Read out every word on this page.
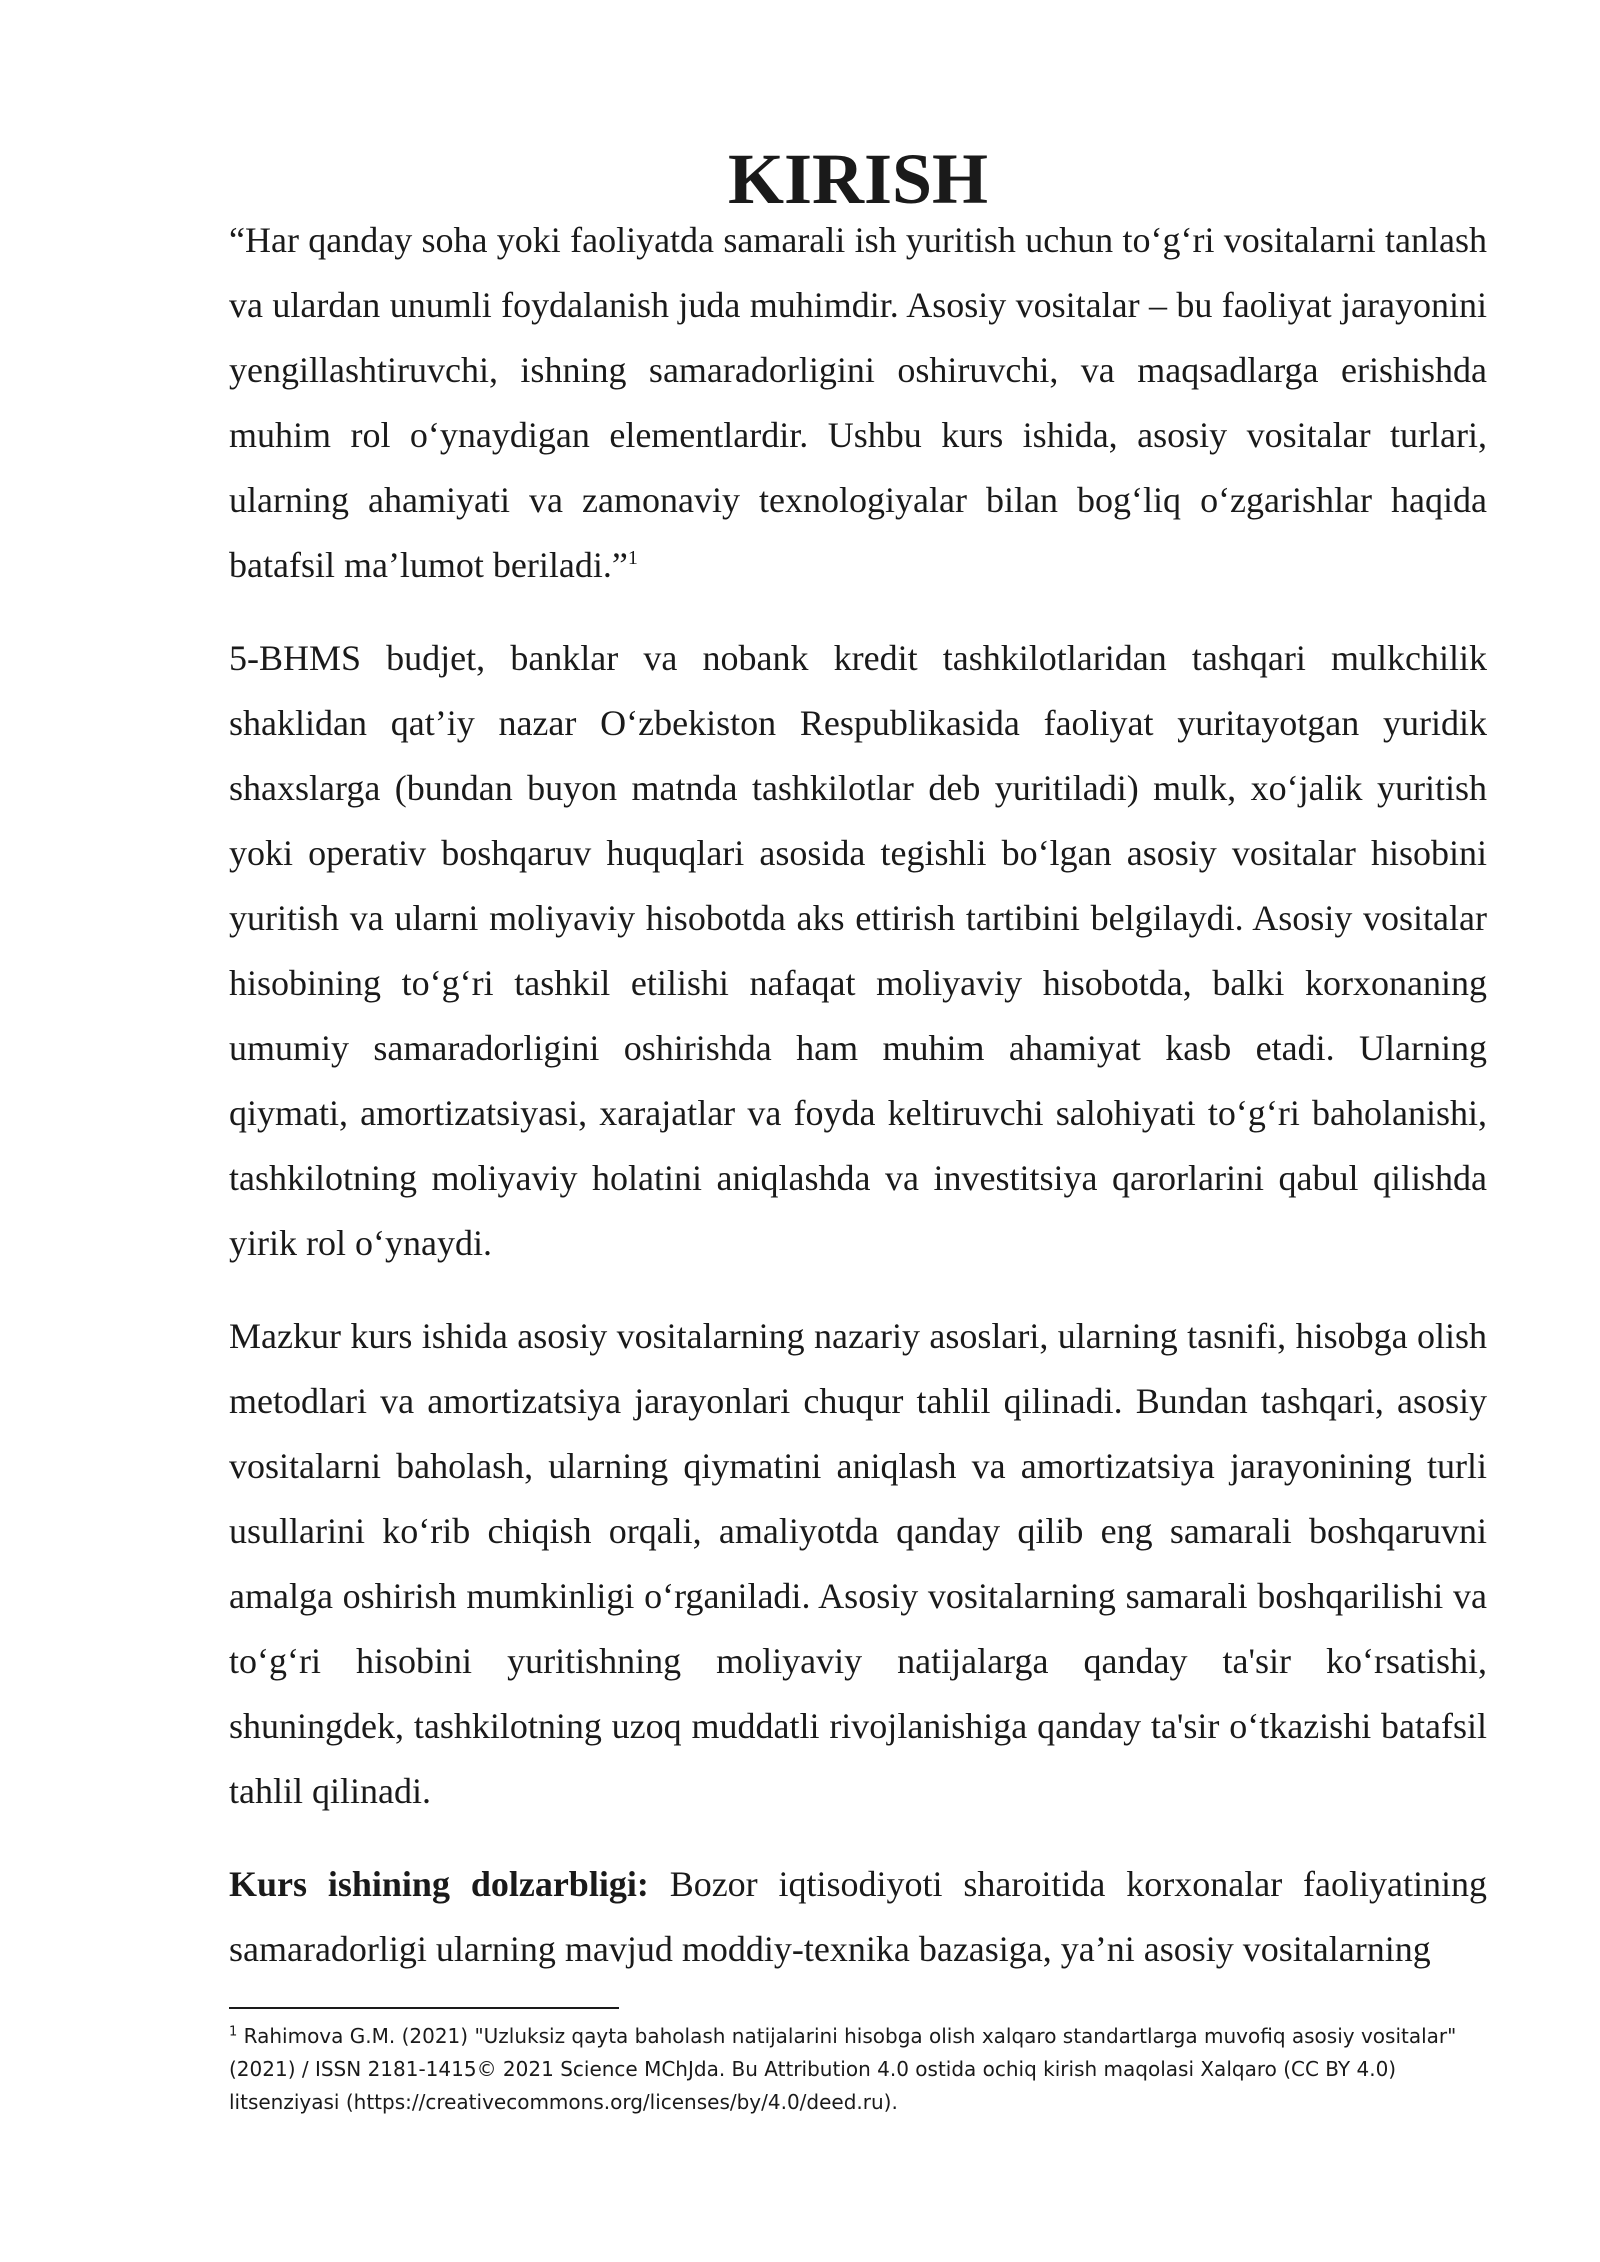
KIRISH

“Har qanday soha yoki faoliyatda samarali ish yuritish uchun to‘g‘ri vositalarni tanlash va ulardan unumli foydalanish juda muhimdir. Asosiy vositalar – bu faoliyat jarayonini yengillashtiruvchi, ishning samaradorligini oshiruvchi, va maqsadlarga erishishda muhim rol o‘ynaydigan elementlardir. Ushbu kurs ishida, asosiy vositalar turlari, ularning ahamiyati va zamonaviy texnologiyalar bilan bog‘liq o‘zgarishlar haqida batafsil ma’lumot beriladi.”$^1$

5-BHMS budjet, banklar va nobank kredit tashkilotlaridan tashqari mulkchilik shaklidan qat’iy nazar O‘zbekiston Respublikasida faoliyat yuritayotgan yuridik shaxslarga (bundan buyon matnda tashkilotlar deb yuritiladi) mulk, xo‘jalik yuritish yoki operativ boshqaruv huquqlari asosida tegishli bo‘lgan asosiy vositalar hisobini yuritish va ularni moliyaviy hisobotda aks ettirish tartibini belgilaydi. Asosiy vositalar hisobining to‘g‘ri tashkil etilishi nafaqat moliyaviy hisobotda, balki korxonaning umumiy samaradorligini oshirishda ham muhim ahamiyat kasb etadi. Ularning qiymati, amortizatsiyasi, xarajatlar va foyda keltiruvchi salohiyati to‘g‘ri baholanishi, tashkilotning moliyaviy holatini aniqlashda va investitsiya qarorlarini qabul qilishda yirik rol o‘ynaydi.

Mazkur kurs ishida asosiy vositalarning nazariy asoslari, ularning tasnifi, hisobga olish metodlari va amortizatsiya jarayonlari chuqur tahlil qilinadi. Bundan tashqari, asosiy vositalarni baholash, ularning qiymatini aniqlash va amortizatsiya jarayonining turli usullarini ko‘rib chiqish orqali, amaliyotda qanday qilib eng samarali boshqaruvni amalga oshirish mumkinligi o‘rganiladi. Asosiy vositalarning samarali boshqarilishi va to‘g‘ri hisobini yuritishning moliyaviy natijalarga qanday ta'sir ko‘rsatishi, shuningdek, tashkilotning uzoq muddatli rivojlanishiga qanday ta'sir o‘tkazishi batafsil tahlil qilinadi.

Kurs ishining dolzarbligi: Bozor iqtisodiyoti sharoitida korxonalar faoliyatining samaradorligi ularning mavjud moddiy-texnika bazasiga, ya’ni asosiy vositalarning

$^1$ Rahimova G.M. (2021) "Uzluksiz qayta baholash natijalarini hisobga olish xalqaro standartlarga muvofiq asosiy vositalar" (2021) / ISSN 2181-1415© 2021 Science MChJda. Bu Attribution 4.0 ostida ochiq kirish maqolasi Xalqaro (CC BY 4.0) litsenziyasi (https://creativecommons.org/licenses/by/4.0/deed.ru).
